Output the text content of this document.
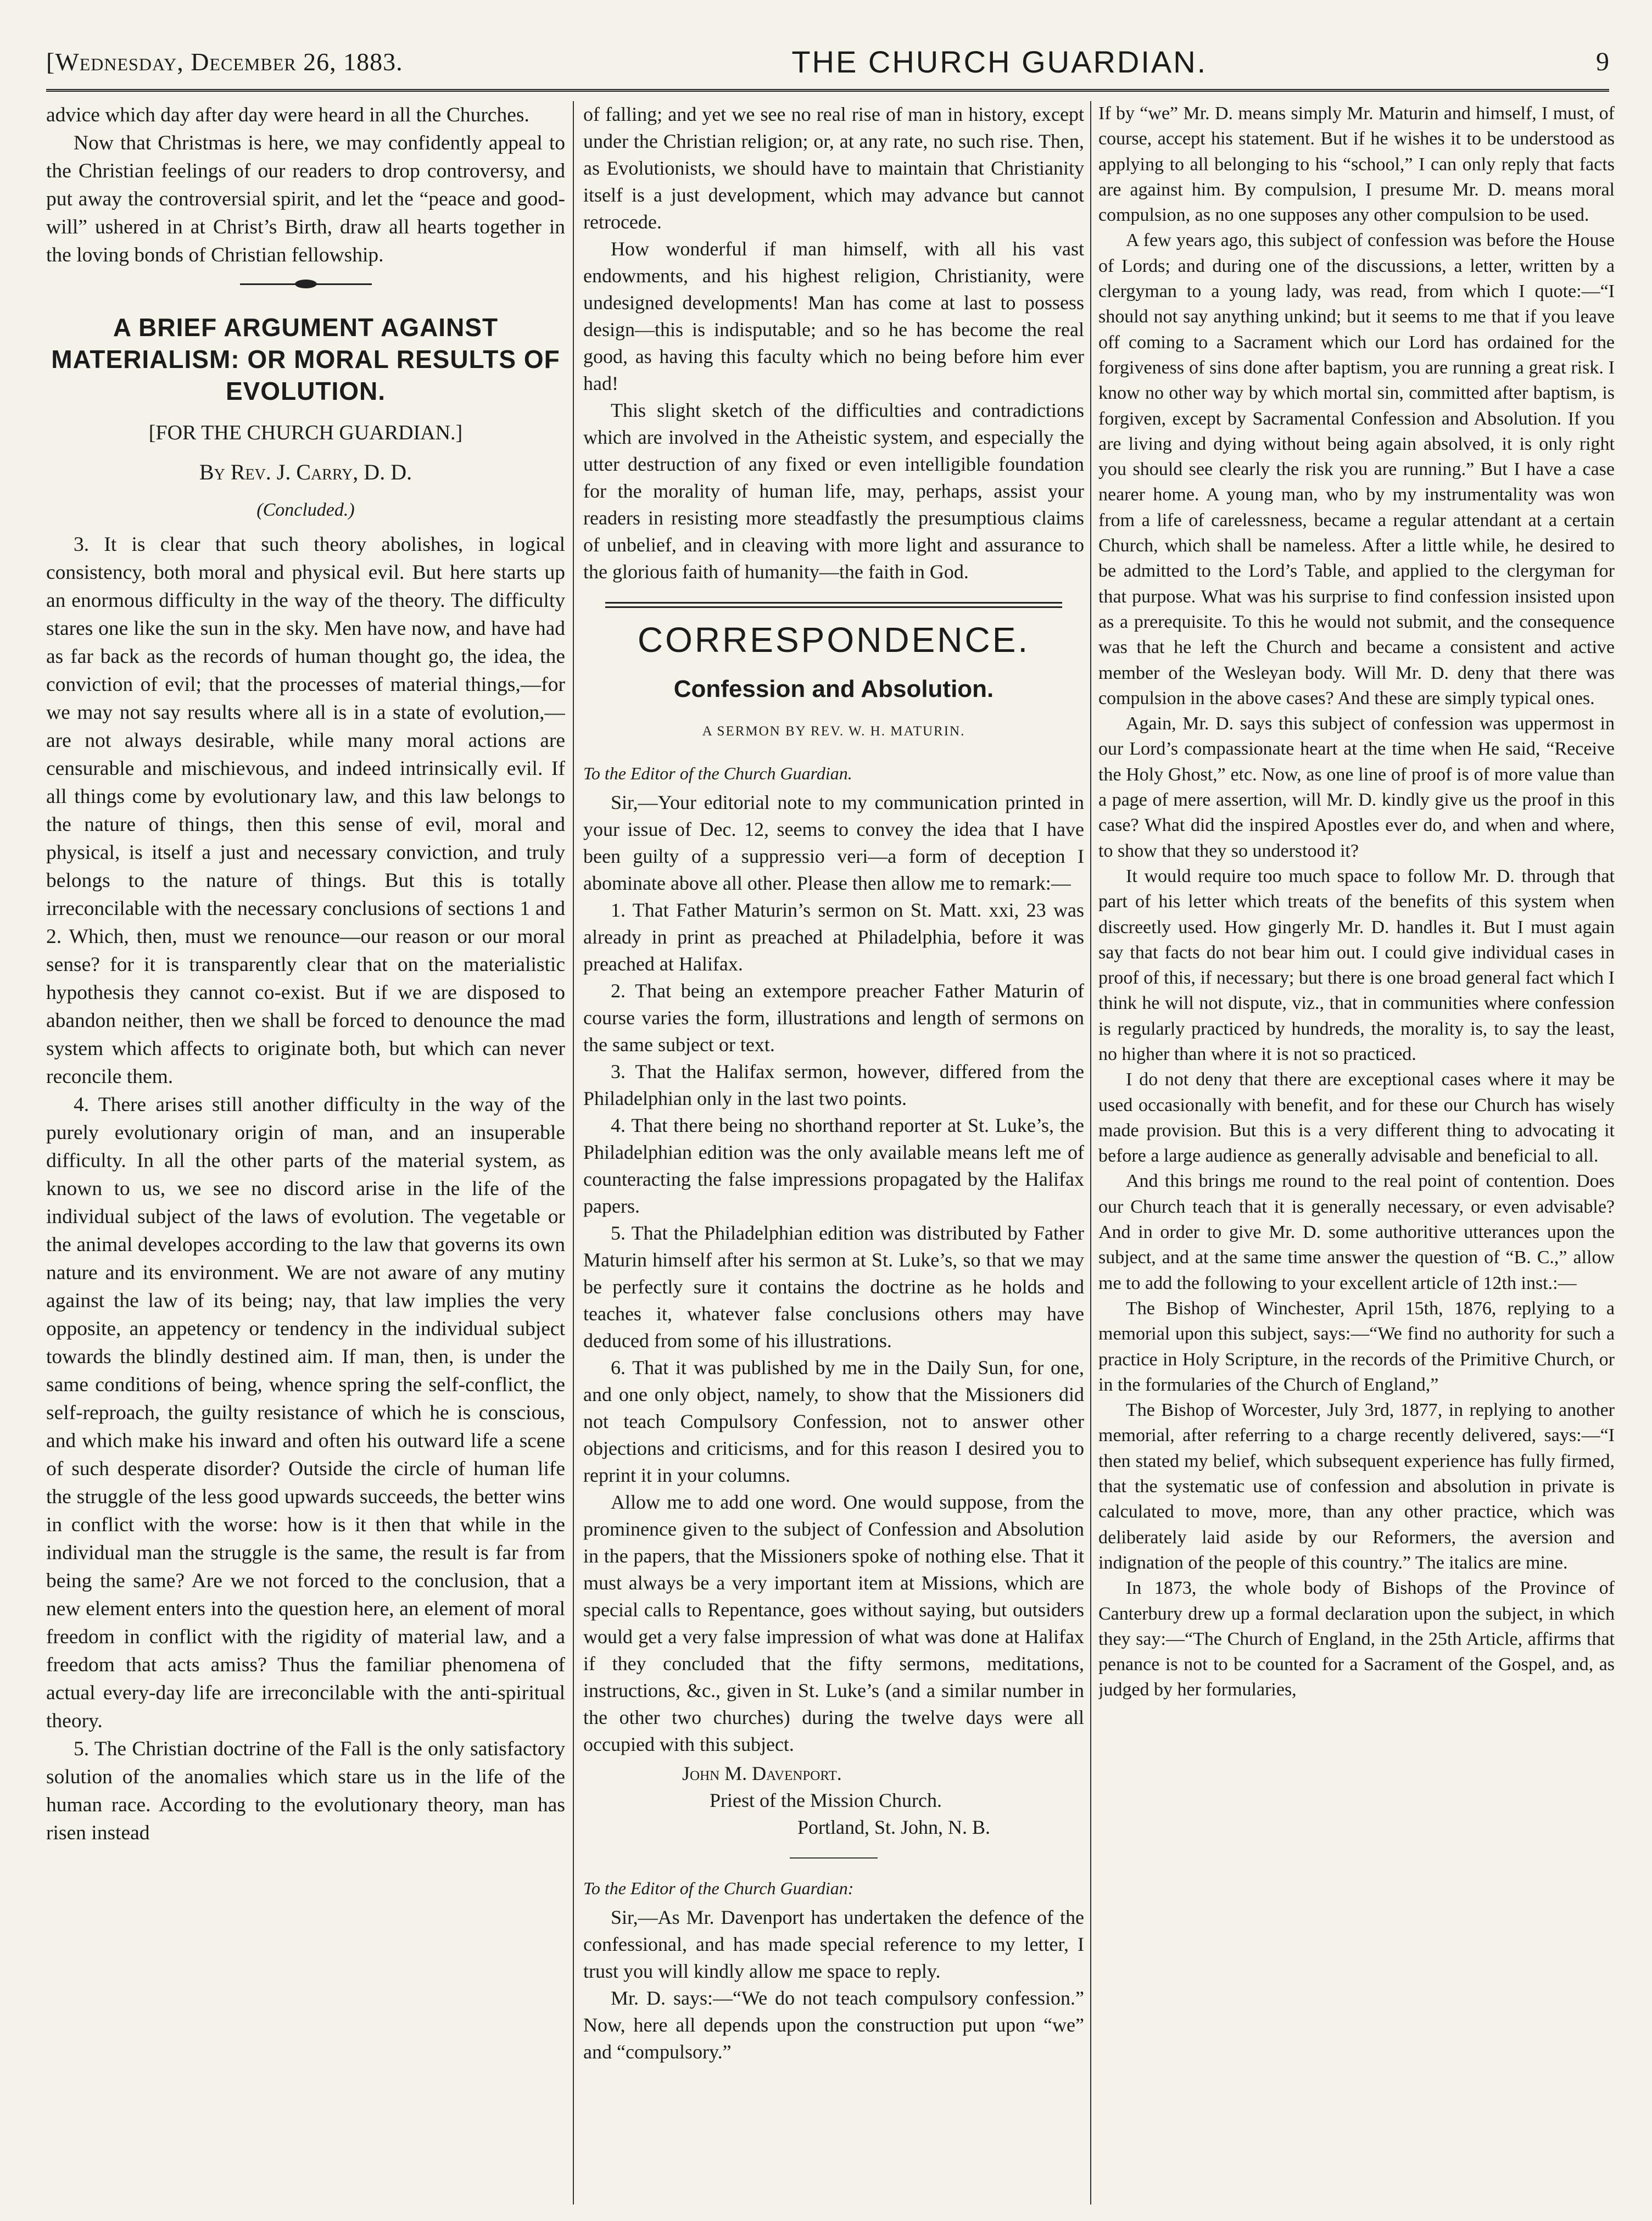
[Wednesday, December 26, 1883.	THE CHURCH GUARDIAN.	9

advice which day after day were heard in all the Churches.

Now that Christmas is here, we may confidently appeal to the Christian feelings of our readers to drop controversy, and put away the controversial spirit, and let the “peace and good-will” ushered in at Christ’s Birth, draw all hearts together in the loving bonds of Christian fellowship.

A BRIEF ARGUMENT AGAINST MATERIALISM: OR MORAL RESULTS OF EVOLUTION.
[FOR THE CHURCH GUARDIAN.]
By Rev. J. Carry, D. D.
(Concluded.)

3. It is clear that such theory abolishes, in logical consistency, both moral and physical evil. But here starts up an enormous difficulty in the way of the theory. The difficulty stares one like the sun in the sky. Men have now, and have had as far back as the records of human thought go, the idea, the conviction of evil; that the processes of material things,—for we may not say results where all is in a state of evolution,—are not always desirable, while many moral actions are censurable and mischievous, and indeed intrinsically evil. If all things come by evolutionary law, and this law belongs to the nature of things, then this sense of evil, moral and physical, is itself a just and necessary conviction, and truly belongs to the nature of things. But this is totally irreconcilable with the necessary conclusions of sections 1 and 2. Which, then, must we renounce—our reason or our moral sense? for it is transparently clear that on the materialistic hypothesis they cannot co-exist. But if we are disposed to abandon neither, then we shall be forced to denounce the mad system which affects to originate both, but which can never reconcile them.

4. There arises still another difficulty in the way of the purely evolutionary origin of man, and an insuperable difficulty. In all the other parts of the material system, as known to us, we see no discord arise in the life of the individual subject of the laws of evolution. The vegetable or the animal developes according to the law that governs its own nature and its environment. We are not aware of any mutiny against the law of its being; nay, that law implies the very opposite, an appetency or tendency in the individual subject towards the blindly destined aim. If man, then, is under the same conditions of being, whence spring the self-conflict, the self-reproach, the guilty resistance of which he is conscious, and which make his inward and often his outward life a scene of such desperate disorder? Outside the circle of human life the struggle of the less good upwards succeeds, the better wins in conflict with the worse: how is it then that while in the individual man the struggle is the same, the result is far from being the same? Are we not forced to the conclusion, that a new element enters into the question here, an element of moral freedom in conflict with the rigidity of material law, and a freedom that acts amiss? Thus the familiar phenomena of actual every-day life are irreconcilable with the anti-spiritual theory.

5. The Christian doctrine of the Fall is the only satisfactory solution of the anomalies which stare us in the life of the human race. According to the evolutionary theory, man has risen instead

of falling; and yet we see no real rise of man in history, except under the Christian religion; or, at any rate, no such rise. Then, as Evolutionists, we should have to maintain that Christianity itself is a just development, which may advance but cannot retrocede.

How wonderful if man himself, with all his vast endowments, and his highest religion, Christianity, were undesigned developments! Man has come at last to possess design—this is indisputable; and so he has become the real good, as having this faculty which no being before him ever had!

This slight sketch of the difficulties and contradictions which are involved in the Atheistic system, and especially the utter destruction of any fixed or even intelligible foundation for the morality of human life, may, perhaps, assist your readers in resisting more steadfastly the presumptious claims of unbelief, and in cleaving with more light and assurance to the glorious faith of humanity—the faith in God.

CORRESPONDENCE.
Confession and Absolution.
A SERMON BY REV. W. H. MATURIN.

To the Editor of the Church Guardian.

Sir,—Your editorial note to my communication printed in your issue of Dec. 12, seems to convey the idea that I have been guilty of a suppressio veri—a form of deception I abominate above all other. Please then allow me to remark:—

1. That Father Maturin’s sermon on St. Matt. xxi, 23 was already in print as preached at Philadelphia, before it was preached at Halifax.

2. That being an extempore preacher Father Maturin of course varies the form, illustrations and length of sermons on the same subject or text.

3. That the Halifax sermon, however, differed from the Philadelphian only in the last two points.

4. That there being no shorthand reporter at St. Luke’s, the Philadelphian edition was the only available means left me of counteracting the false impressions propagated by the Halifax papers.

5. That the Philadelphian edition was distributed by Father Maturin himself after his sermon at St. Luke’s, so that we may be perfectly sure it contains the doctrine as he holds and teaches it, whatever false conclusions others may have deduced from some of his illustrations.

6. That it was published by me in the Daily Sun, for one, and one only object, namely, to show that the Missioners did not teach Compulsory Confession, not to answer other objections and criticisms, and for this reason I desired you to reprint it in your columns.

Allow me to add one word. One would suppose, from the prominence given to the subject of Confession and Absolution in the papers, that the Missioners spoke of nothing else. That it must always be a very important item at Missions, which are special calls to Repentance, goes without saying, but outsiders would get a very false impression of what was done at Halifax if they concluded that the fifty sermons, meditations, instructions, &c., given in St. Luke’s (and a similar number in the other two churches) during the twelve days were all occupied with this subject.

John M. Davenport.
Priest of the Mission Church.
Portland, St. John, N. B.

To the Editor of the Church Guardian:

Sir,—As Mr. Davenport has undertaken the defence of the confessional, and has made special reference to my letter, I trust you will kindly allow me space to reply.

Mr. D. says:—“We do not teach compulsory confession.” Now, here all depends upon the construction put upon “we” and “compulsory.”

If by “we” Mr. D. means simply Mr. Maturin and himself, I must, of course, accept his statement. But if he wishes it to be understood as applying to all belonging to his “school,” I can only reply that facts are against him. By compulsion, I presume Mr. D. means moral compulsion, as no one supposes any other compulsion to be used.

A few years ago, this subject of confession was before the House of Lords; and during one of the discussions, a letter, written by a clergyman to a young lady, was read, from which I quote:—“I should not say anything unkind; but it seems to me that if you leave off coming to a Sacrament which our Lord has ordained for the forgiveness of sins done after baptism, you are running a great risk. I know no other way by which mortal sin, committed after baptism, is forgiven, except by Sacramental Confession and Absolution. If you are living and dying without being again absolved, it is only right you should see clearly the risk you are running.” But I have a case nearer home. A young man, who by my instrumentality was won from a life of carelessness, became a regular attendant at a certain Church, which shall be nameless. After a little while, he desired to be admitted to the Lord’s Table, and applied to the clergyman for that purpose. What was his surprise to find confession insisted upon as a prerequisite. To this he would not submit, and the consequence was that he left the Church and became a consistent and active member of the Wesleyan body. Will Mr. D. deny that there was compulsion in the above cases? And these are simply typical ones.

Again, Mr. D. says this subject of confession was uppermost in our Lord’s compassionate heart at the time when He said, “Receive the Holy Ghost,” etc. Now, as one line of proof is of more value than a page of mere assertion, will Mr. D. kindly give us the proof in this case? What did the inspired Apostles ever do, and when and where, to show that they so understood it?

It would require too much space to follow Mr. D. through that part of his letter which treats of the benefits of this system when discreetly used. How gingerly Mr. D. handles it. But I must again say that facts do not bear him out. I could give individual cases in proof of this, if necessary; but there is one broad general fact which I think he will not dispute, viz., that in communities where confession is regularly practiced by hundreds, the morality is, to say the least, no higher than where it is not so practiced.

I do not deny that there are exceptional cases where it may be used occasionally with benefit, and for these our Church has wisely made provision. But this is a very different thing to advocating it before a large audience as generally advisable and beneficial to all.

And this brings me round to the real point of contention. Does our Church teach that it is generally necessary, or even advisable? And in order to give Mr. D. some authoritive utterances upon the subject, and at the same time answer the question of “B. C.,” allow me to add the following to your excellent article of 12th inst.:—

The Bishop of Winchester, April 15th, 1876, replying to a memorial upon this subject, says:—“We find no authority for such a practice in Holy Scripture, in the records of the Primitive Church, or in the formularies of the Church of England,”

The Bishop of Worcester, July 3rd, 1877, in replying to another memorial, after referring to a charge recently delivered, says:—“I then stated my belief, which subsequent experience has fully firmed, that the systematic use of confession and absolution in private is calculated to move, more, than any other practice, which was deliberately laid aside by our Reformers, the aversion and indignation of the people of this country.” The italics are mine.

In 1873, the whole body of Bishops of the Province of Canterbury drew up a formal declaration upon the subject, in which they say:—“The Church of England, in the 25th Article, affirms that penance is not to be counted for a Sacrament of the Gospel, and, as judged by her formularies,
